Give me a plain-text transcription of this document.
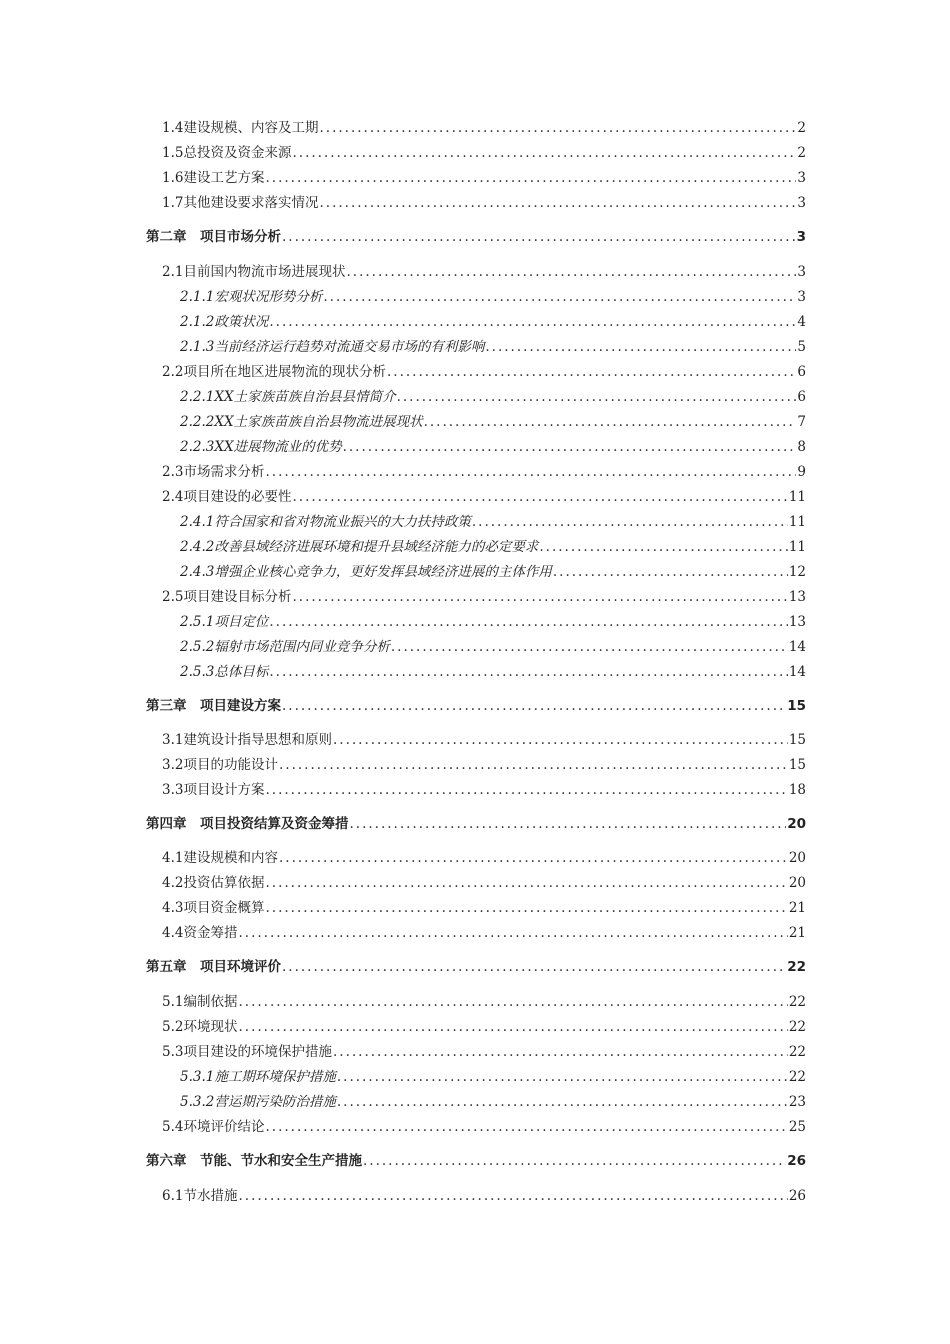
1.4建设规模、内容及工期 .....	2
1.5总投资及资金来源 .....	2
1.6建设工艺方案 .....	3
1.7其他建设要求落实情况 .....	3
第二章　项目市场分析 .....	3
2.1目前国内物流市场进展现状 .....	3
2.1.1宏观状况形势分析 .....	3
2.1.2政策状况 .....	4
2.1.3当前经济运行趋势对流通交易市场的有利影响 .....	5
2.2项目所在地区进展物流的现状分析 .....	6
2.2.1XX土家族苗族自治县县情简介 .....	6
2.2.2XX土家族苗族自治县物流进展现状 .....	7
2.2.3XX进展物流业的优势 .....	8
2.3市场需求分析 .....	9
2.4项目建设的必要性 .....	11
2.4.1符合国家和省对物流业振兴的大力扶持政策 .....	11
2.4.2改善县域经济进展环境和提升县域经济能力的必定要求 .....	11
2.4.3增强企业核心竞争力，更好发挥县域经济进展的主体作用 .....	12
2.5项目建设目标分析 .....	13
2.5.1项目定位 .....	13
2.5.2辐射市场范围内同业竞争分析 .....	14
2.5.3总体目标 .....	14
第三章　项目建设方案 .....	15
3.1建筑设计指导思想和原则 .....	15
3.2项目的功能设计 .....	15
3.3项目设计方案 .....	18
第四章　项目投资结算及资金筹措 .....	20
4.1建设规模和内容 .....	20
4.2投资估算依据 .....	20
4.3项目资金概算 .....	21
4.4资金筹措 .....	21
第五章　项目环境评价 .....	22
5.1编制依据 .....	22
5.2环境现状 .....	22
5.3项目建设的环境保护措施 .....	22
5.3.1施工期环境保护措施 .....	22
5.3.2营运期污染防治措施 .....	23
5.4环境评价结论 .....	25
第六章　节能、节水和安全生产措施 .....	26
6.1节水措施 .....	26
